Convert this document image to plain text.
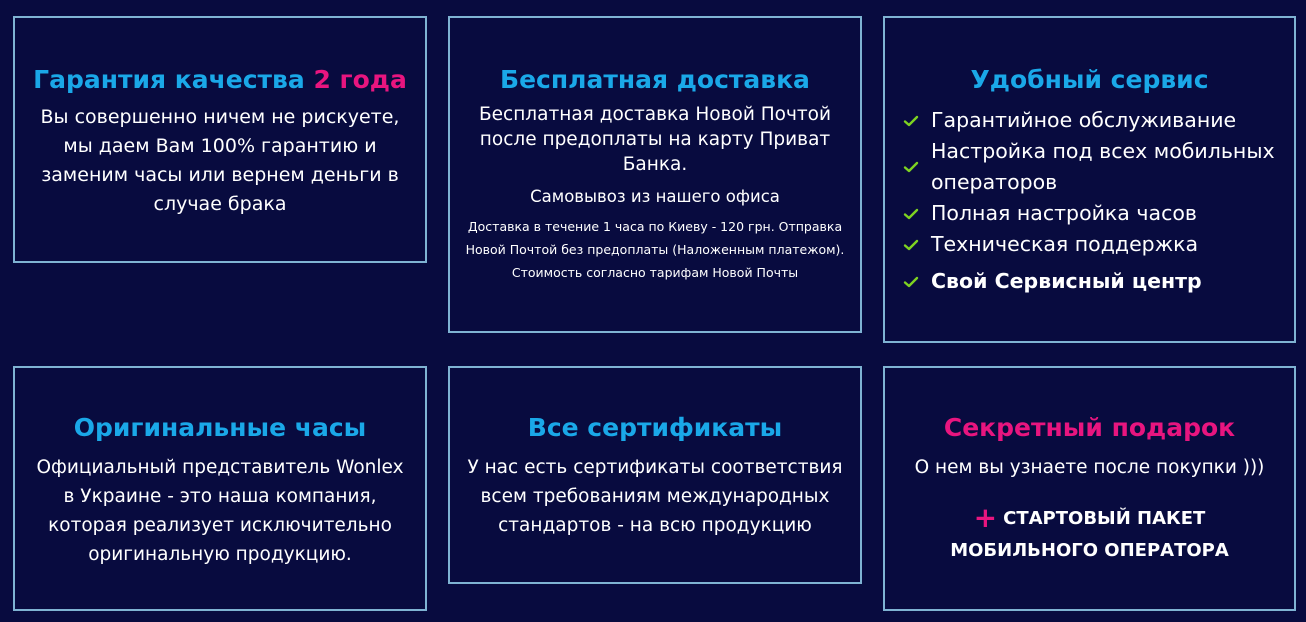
Гарантия качества 2 года

Вы совершенно ничем не рискуете, мы даем Вам 100% гарантию и заменим часы или вернем деньги в случае брака

Бесплатная доставка

Бесплатная доставка Новой Почтой после предоплаты на карту Приват Банка.

Самовывоз из нашего офиса

Доставка в течение 1 часа по Киеву - 120 грн. Отправка Новой Почтой без предоплаты (Наложенным платежом). Стоимость согласно тарифам Новой Почты

Удобный сервис
Гарантийное обслуживание
Настройка под всех мобильных операторов
Полная настройка часов
Техническая поддержка
Свой Сервисный центр
Оригинальные часы

Официальный представитель Wonlex в Украине - это наша компания, которая реализует исключительно оригинальную продукцию.

Все сертификаты

У нас есть сертификаты соответствия всем требованиям международных стандартов - на всю продукцию

Секретный подарок

О нем вы узнаете после покупки )))

+ СТАРТОВЫЙ ПАКЕТ
МОБИЛЬНОГО ОПЕРАТОРА
